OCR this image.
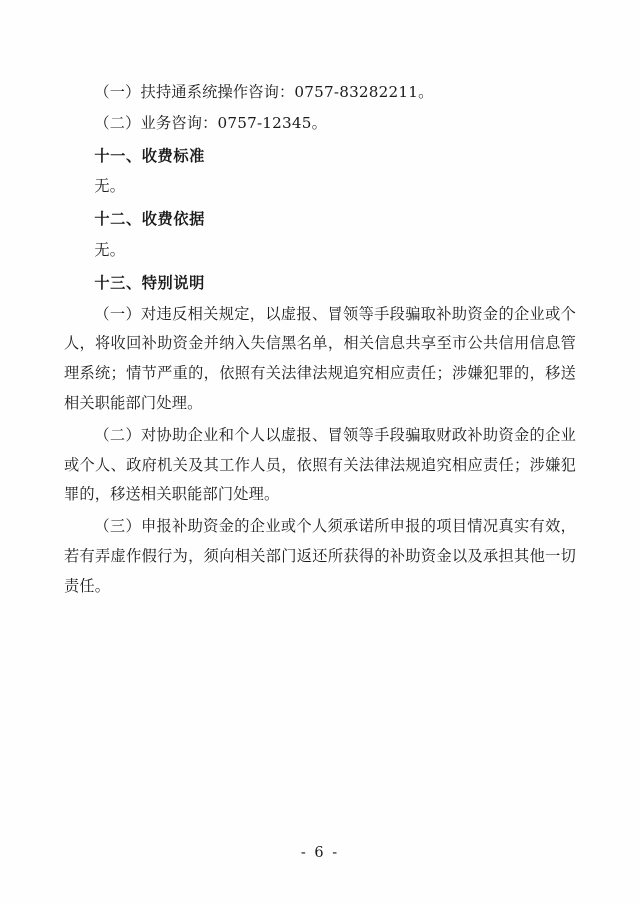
（一）扶持通系统操作咨询：0757-83282211。

（二）业务咨询：0757-12345。

十一、收费标准

无。

十二、收费依据

无。

十三、特别说明

（一）对违反相关规定，以虚报、冒领等手段骗取补助资金的企业或个人，将收回补助资金并纳入失信黑名单，相关信息共享至市公共信用信息管理系统；情节严重的，依照有关法律法规追究相应责任；涉嫌犯罪的，移送相关职能部门处理。

（二）对协助企业和个人以虚报、冒领等手段骗取财政补助资金的企业或个人、政府机关及其工作人员，依照有关法律法规追究相应责任；涉嫌犯罪的，移送相关职能部门处理。

（三）申报补助资金的企业或个人须承诺所申报的项目情况真实有效，若有弄虚作假行为，须向相关部门返还所获得的补助资金以及承担其他一切责任。

- 6 -
